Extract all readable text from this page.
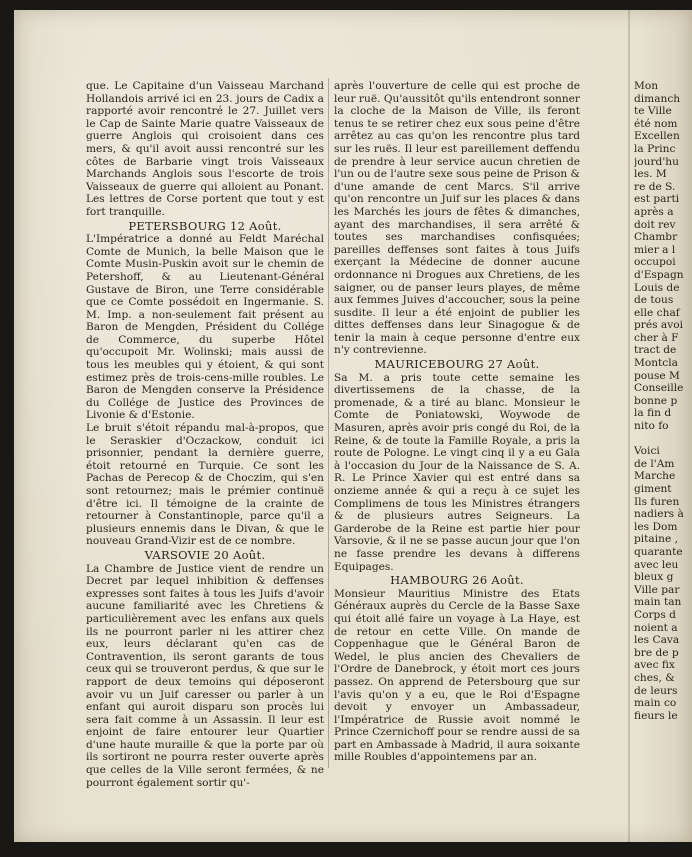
que. Le Capitaine d'un Vaisseau Marchand Hollandois arrivé ici en 23. jours de Cadix a rapporté avoir rencontré le 27. Juillet vers le Cap de Sainte Marie quatre Vaisseaux de guerre Anglois qui croisoient dans ces mers, & qu'il avoit aussi rencontré sur les côtes de Barbarie vingt trois Vaisseaux Marchands Anglois sous l'escorte de trois Vaisseaux de guerre qui alloient au Ponant. Les lettres de Corse portent que tout y est fort tranquille.

PETERSBOURG 12 Août.

L'Impératrice a donné au Feldt Maréchal Comte de Munich, la belle Maison que le Comte Musin-Puskin avoit sur le chemin de Petershoff, & au Lieutenant-Général Gustave de Biron, une Terre considérable que ce Comte possédoit en Ingermanie. S. M. Imp. a non-seulement fait présent au Baron de Mengden, Président du Collége de Commerce, du superbe Hôtel qu'occupoit Mr. Wolinski; mais aussi de tous les meubles qui y étoient, & qui sont estimez près de trois-cens-mille roubles. Le Baron de Mengden conserve la Présidence du Collége de Justice des Provinces de Livonie & d'Estonie.

Le bruit s'étoit répandu mal-à-propos, que le Seraskier d'Oczackow, conduit ici prisonnier, pendant la dernière guerre, étoit retourné en Turquie. Ce sont les Pachas de Perecop & de Choczim, qui s'en sont retournez; mais le prémier continuë d'être ici. Il témoigne de la crainte de retourner à Constantinople, parce qu'il a plusieurs ennemis dans le Divan, & que le nouveau Grand-Vizir est de ce nombre.

VARSOVIE 20 Août.

La Chambre de Justice vient de rendre un Decret par lequel inhibition & deffenses expresses sont faites à tous les Juifs d'avoir aucune familiarité avec les Chretiens & particulièrement avec les enfans aux quels ils ne pourront parler ni les attirer chez eux, leurs déclarant qu'en cas de Contravention, ils seront garants de tous ceux qui se trouveront perdus, & que sur le rapport de deux temoins qui déposeront avoir vu un Juif caresser ou parler à un enfant qui auroit disparu son procès lui sera fait comme à un Assassin. Il leur est enjoint de faire entourer leur Quartier d'une haute muraille & que la porte par où ils sortiront ne pourra rester ouverte après que celles de la Ville seront fermées, & ne pourront également sortir qu'-

après l'ouverture de celle qui est proche de leur ruë. Qu'aussitôt qu'ils entendront sonner la cloche de la Maison de Ville, ils feront tenus te se retirer chez eux sous peine d'être arrêtez au cas qu'on les rencontre plus tard sur les ruës. Il leur est pareillement deffendu de prendre à leur service aucun chretien de l'un ou de l'autre sexe sous peine de Prison & d'une amande de cent Marcs. S'il arrive qu'on rencontre un Juif sur les places & dans les Marchés les jours de fêtes & dimanches, ayant des marchandises, il sera arrêté & toutes ses marchandises confisquées; pareilles deffenses sont faites à tous Juifs exerçant la Médecine de donner aucune ordonnance ni Drogues aux Chretiens, de les saigner, ou de panser leurs playes, de même aux femmes Juives d'accoucher, sous la peine susdite. Il leur a été enjoint de publier les dittes deffenses dans leur Sinagogue & de tenir la main à ceque personne d'entre eux n'y contrevienne.

MAURICEBOURG 27 Août.

Sa M. a pris toute cette semaine les divertissemens de la chasse, de la promenade, & a tiré au blanc. Monsieur le Comte de Poniatowski, Woywode de Masuren, après avoir pris congé du Roi, de la Reine, & de toute la Famille Royale, a pris la route de Pologne. Le vingt cinq il y a eu Gala à l'occasion du Jour de la Naissance de S. A. R. Le Prince Xavier qui est entré dans sa onzieme année & qui a reçu à ce sujet les Complimens de tous les Ministres étrangers & de plusieurs autres Seigneurs. La Garderobe de la Reine est partie hier pour Varsovie, & il ne se passe aucun jour que l'on ne fasse prendre les devans à differens Equipages.

HAMBOURG 26 Août.

Monsieur Mauritius Ministre des Etats Généraux auprès du Cercle de la Basse Saxe qui étoit allé faire un voyage à La Haye, est de retour en cette Ville. On mande de Coppenhague que le Général Baron de Wedel, le plus ancien des Chevaliers de l'Ordre de Danebrock, y étoit mort ces jours passez. On apprend de Petersbourg que sur l'avis qu'on y a eu, que le Roi d'Espagne devoit y envoyer un Ambassadeur, l'Impératrice de Russie avoit nommé le Prince Czernichoff pour se rendre aussi de sa part en Ambassade à Madrid, il aura soixante mille Roubles d'appointemens par an.

Mon

dimanch

te Ville

été nom

Excellen

la Princ

jourd'hu

les. M

re de S.

est parti

après a

doit rev

Chambr

mier a l

occupoi

d'Espagn

Louis de

de tous

elle chaf

prés avoi

cher à F

tract de

Montcla

pouse M

Conseille

bonne p

la fin d

nito fo

Voici

de l'Am

Marche

giment

Ils furen

nadiers à

les Dom

pitaine ,

quarante

avec leu

bleux g

Ville par

main tan

Corps d

noient a

les Cava

bre de p

avec fix

ches, &

de leurs

main co

fieurs le
